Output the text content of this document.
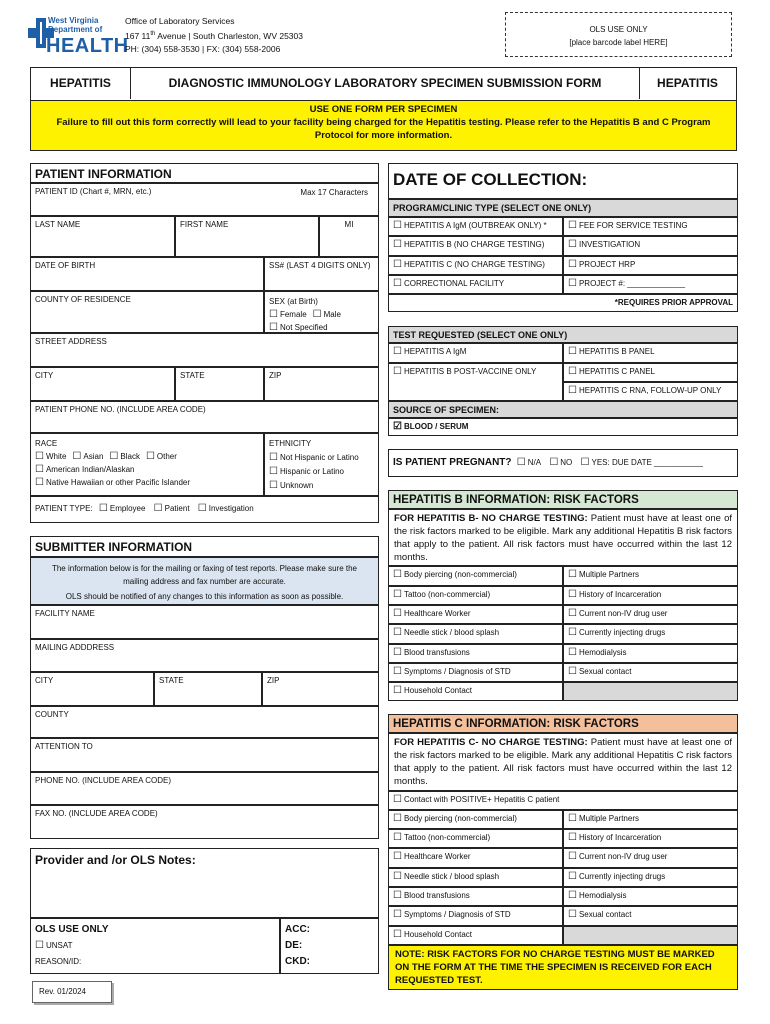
West Virginia
Department of
HEALTH
Office of Laboratory Services
167 11th Avenue | South Charleston, WV 25303
PH: (304) 558-3530 | FX: (304) 558-2006
OLS USE ONLY
[place barcode label HERE]
HEPATITIS	DIAGNOSTIC IMMUNOLOGY LABORATORY SPECIMEN SUBMISSION FORM	HEPATITIS
USE ONE FORM PER SPECIMEN
Failure to fill out this form correctly will lead to your facility being charged for the Hepatitis testing. Please refer to the Hepatitis B and C Program Protocol for more information.
PATIENT INFORMATION
PATIENT ID (Chart #, MRN, etc.)	Max 17 Characters
LAST NAME	FIRST NAME	MI
DATE OF BIRTH	SS# (LAST 4 DIGITS ONLY)
COUNTY OF RESIDENCE	SEX (at Birth)
☐ Female ☐ Male
☐ Not Specified
STREET ADDRESS
CITY	STATE	ZIP
PATIENT PHONE NO. (INCLUDE AREA CODE)
RACE
☐ White ☐ Asian ☐ Black ☐ Other
☐ American Indian/Alaskan
☐ Native Hawaiian or other Pacific Islander
ETHNICITY
☐ Not Hispanic or Latino
☐ Hispanic or Latino
☐ Unknown
PATIENT TYPE: ☐ Employee ☐ Patient ☐ Investigation
SUBMITTER INFORMATION
The information below is for the mailing or faxing of test reports. Please make sure the mailing address and fax number are accurate.
OLS should be notified of any changes to this information as soon as possible.
FACILITY NAME
MAILING ADDDRESS
CITY	STATE	ZIP
COUNTY
ATTENTION TO
PHONE NO. (INCLUDE AREA CODE)
FAX NO. (INCLUDE AREA CODE)
Provider and /or OLS Notes:
OLS USE ONLY
☐ UNSAT
REASON/ID:
ACC:
DE:
CKD:
Rev. 01/2024
DATE OF COLLECTION:
PROGRAM/CLINIC TYPE (SELECT ONE ONLY)
☐ HEPATITIS A IgM (OUTBREAK ONLY) *	☐ FEE FOR SERVICE TESTING
☐ HEPATITIS B (NO CHARGE TESTING)	☐ INVESTIGATION
☐ HEPATITIS C (NO CHARGE TESTING)	☐ PROJECT HRP
☐ CORRECTIONAL FACILITY	☐ PROJECT #: _____________
*REQUIRES PRIOR APPROVAL
TEST REQUESTED (SELECT ONE ONLY)
☐ HEPATITIS A IgM	☐ HEPATITIS B PANEL
☐ HEPATITIS B POST-VACCINE ONLY	☐ HEPATITIS C PANEL
☐ HEPATITIS C RNA, FOLLOW-UP ONLY
SOURCE OF SPECIMEN:
☑ BLOOD / SERUM
IS PATIENT PREGNANT? ☐ N/A ☐ NO ☐ YES: DUE DATE ___________
HEPATITIS B INFORMATION: RISK FACTORS
FOR HEPATITIS B- NO CHARGE TESTING: Patient must have at least one of the risk factors marked to be eligible. Mark any additional Hepatitis B risk factors that apply to the patient. All risk factors must have occurred within the last 12 months.
☐ Body piercing (non-commercial)	☐ Multiple Partners
☐ Tattoo (non-commercial)	☐ History of Incarceration
☐ Healthcare Worker	☐ Current non-IV drug user
☐ Needle stick / blood splash	☐ Currently injecting drugs
☐ Blood transfusions	☐ Hemodialysis
☐ Symptoms / Diagnosis of STD	☐ Sexual contact
☐ Household Contact
HEPATITIS C INFORMATION: RISK FACTORS
FOR HEPATITIS C- NO CHARGE TESTING: Patient must have at least one of the risk factors marked to be eligible. Mark any additional Hepatitis C risk factors that apply to the patient. All risk factors must have occurred within the last 12 months.
☐ Contact with POSITIVE+ Hepatitis C patient
☐ Body piercing (non-commercial)	☐ Multiple Partners
☐ Tattoo (non-commercial)	☐ History of Incarceration
☐ Healthcare Worker	☐ Current non-IV drug user
☐ Needle stick / blood splash	☐ Currently injecting drugs
☐ Blood transfusions	☐ Hemodialysis
☐ Symptoms / Diagnosis of STD	☐ Sexual contact
☐ Household Contact
NOTE: RISK FACTORS FOR NO CHARGE TESTING MUST BE MARKED ON THE FORM AT THE TIME THE SPECIMEN IS RECEIVED FOR EACH REQUESTED TEST.
